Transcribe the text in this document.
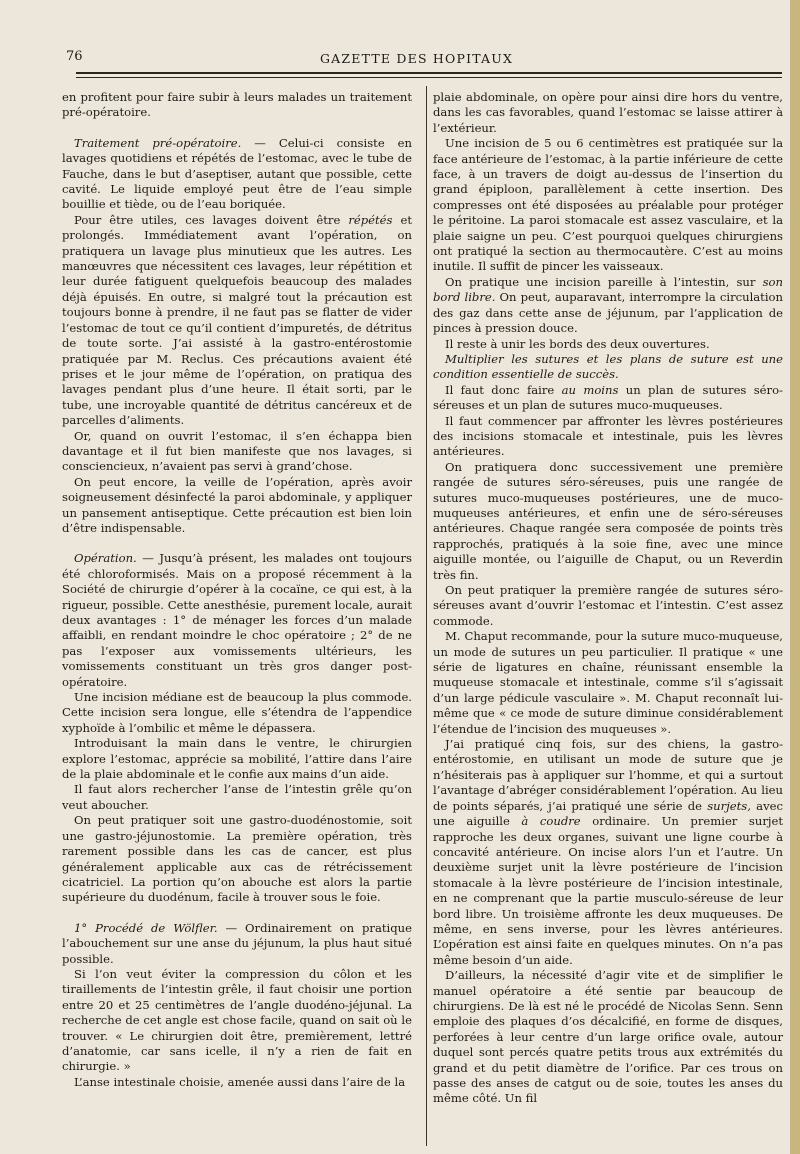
76	GAZETTE DES HOPITAUX

en profitent pour faire subir à leurs malades un traitement pré-opératoire.

Traitement pré-opératoire. — Celui-ci consiste en lavages quotidiens et répétés de l’estomac, avec le tube de Fauche, dans le but d’aseptiser, autant que possible, cette cavité. Le liquide employé peut être de l’eau simple bouillie et tiède, ou de l’eau boriquée.

Pour être utiles, ces lavages doivent être répétés et prolongés. Immédiatement avant l’opération, on pratiquera un lavage plus minutieux que les autres. Les manœuvres que nécessitent ces lavages, leur répétition et leur durée fatiguent quelquefois beaucoup des malades déjà épuisés. En outre, si malgré tout la précaution est toujours bonne à prendre, il ne faut pas se flatter de vider l’estomac de tout ce qu’il contient d’impuretés, de détritus de toute sorte. J’ai assisté à la gastro-entérostomie pratiquée par M. Reclus. Ces précautions avaient été prises et le jour même de l’opération, on pratiqua des lavages pendant plus d’une heure. Il était sorti, par le tube, une incroyable quantité de détritus cancéreux et de parcelles d’aliments.

Or, quand on ouvrit l’estomac, il s’en échappa bien davantage et il fut bien manifeste que nos lavages, si consciencieux, n’avaient pas servi à grand’chose.

On peut encore, la veille de l’opération, après avoir soigneusement désinfecté la paroi abdominale, y appliquer un pansement antiseptique. Cette précaution est bien loin d’être indispensable.

Opération. — Jusqu’à présent, les malades ont toujours été chloroformisés. Mais on a proposé récemment à la Société de chirurgie d’opérer à la cocaïne, ce qui est, à la rigueur, possible. Cette anesthésie, purement locale, aurait deux avantages : 1° de ménager les forces d’un malade affaibli, en rendant moindre le choc opératoire ; 2° de ne pas l’exposer aux vomissements ultérieurs, les vomissements constituant un très gros danger post-opératoire.

Une incision médiane est de beaucoup la plus commode. Cette incision sera longue, elle s’étendra de l’appendice xyphoïde à l’ombilic et même le dépassera.

Introduisant la main dans le ventre, le chirurgien explore l’estomac, apprécie sa mobilité, l’attire dans l’aire de la plaie abdominale et le confie aux mains d’un aide.

Il faut alors rechercher l’anse de l’intestin grêle qu’on veut aboucher.

On peut pratiquer soit une gastro-duodénostomie, soit une gastro-jéjunostomie. La première opération, très rarement possible dans les cas de cancer, est plus généralement applicable aux cas de rétrécissement cicatriciel. La portion qu’on abouche est alors la partie supérieure du duodénum, facile à trouver sous le foie.

1° Procédé de Wölfler. — Ordinairement on pratique l’abouchement sur une anse du jéjunum, la plus haut situé possible.

Si l’on veut éviter la compression du côlon et les tiraillements de l’intestin grêle, il faut choisir une portion entre 20 et 25 centimètres de l’angle duodéno-jéjunal. La recherche de cet angle est chose facile, quand on sait où le trouver. « Le chirurgien doit être, premièrement, lettré d’anatomie, car sans icelle, il n’y a rien de fait en chirurgie. »

L’anse intestinale choisie, amenée aussi dans l’aire de la

plaie abdominale, on opère pour ainsi dire hors du ventre, dans les cas favorables, quand l’estomac se laisse attirer à l’extérieur.

Une incision de 5 ou 6 centimètres est pratiquée sur la face antérieure de l’estomac, à la partie inférieure de cette face, à un travers de doigt au-dessus de l’insertion du grand épiploon, parallèlement à cette insertion. Des compresses ont été disposées au préalable pour protéger le péritoine. La paroi stomacale est assez vasculaire, et la plaie saigne un peu. C’est pourquoi quelques chirurgiens ont pratiqué la section au thermocautère. C’est au moins inutile. Il suffit de pincer les vaisseaux.

On pratique une incision pareille à l’intestin, sur son bord libre. On peut, auparavant, interrompre la circulation des gaz dans cette anse de jéjunum, par l’application de pinces à pression douce.

Il reste à unir les bords des deux ouvertures.

Multiplier les sutures et les plans de suture est une condition essentielle de succès.

Il faut donc faire au moins un plan de sutures séro-séreuses et un plan de sutures muco-muqueuses.

Il faut commencer par affronter les lèvres postérieures des incisions stomacale et intestinale, puis les lèvres antérieures.

On pratiquera donc successivement une première rangée de sutures séro-séreuses, puis une rangée de sutures muco-muqueuses postérieures, une de muco-muqueuses antérieures, et enfin une de séro-séreuses antérieures. Chaque rangée sera composée de points très rapprochés, pratiqués à la soie fine, avec une mince aiguille montée, ou l’aiguille de Chaput, ou un Reverdin très fin.

On peut pratiquer la première rangée de sutures séro-séreuses avant d’ouvrir l’estomac et l’intestin. C’est assez commode.

M. Chaput recommande, pour la suture muco-muqueuse, un mode de sutures un peu particulier. Il pratique « une série de ligatures en chaîne, réunissant ensemble la muqueuse stomacale et intestinale, comme s’il s’agissait d’un large pédicule vasculaire ». M. Chaput reconnaît lui-même que « ce mode de suture diminue considérablement l’étendue de l’incision des muqueuses ».

J’ai pratiqué cinq fois, sur des chiens, la gastro-entérostomie, en utilisant un mode de suture que je n’hésiterais pas à appliquer sur l’homme, et qui a surtout l’avantage d’abréger considérablement l’opération. Au lieu de points séparés, j’ai pratiqué une série de surjets, avec une aiguille à coudre ordinaire. Un premier surjet rapproche les deux organes, suivant une ligne courbe à concavité antérieure. On incise alors l’un et l’autre. Un deuxième surjet unit la lèvre postérieure de l’incision stomacale à la lèvre postérieure de l’incision intestinale, en ne comprenant que la partie musculo-séreuse de leur bord libre. Un troisième affronte les deux muqueuses. De même, en sens inverse, pour les lèvres antérieures. L’opération est ainsi faite en quelques minutes. On n’a pas même besoin d’un aide.

D’ailleurs, la nécessité d’agir vite et de simplifier le manuel opératoire a été sentie par beaucoup de chirurgiens. De là est né le procédé de Nicolas Senn. Senn emploie des plaques d’os décalcifié, en forme de disques, perforées à leur centre d’un large orifice ovale, autour duquel sont percés quatre petits trous aux extrémités du grand et du petit diamètre de l’orifice. Par ces trous on passe des anses de catgut ou de soie, toutes les anses du même côté. Un fil
